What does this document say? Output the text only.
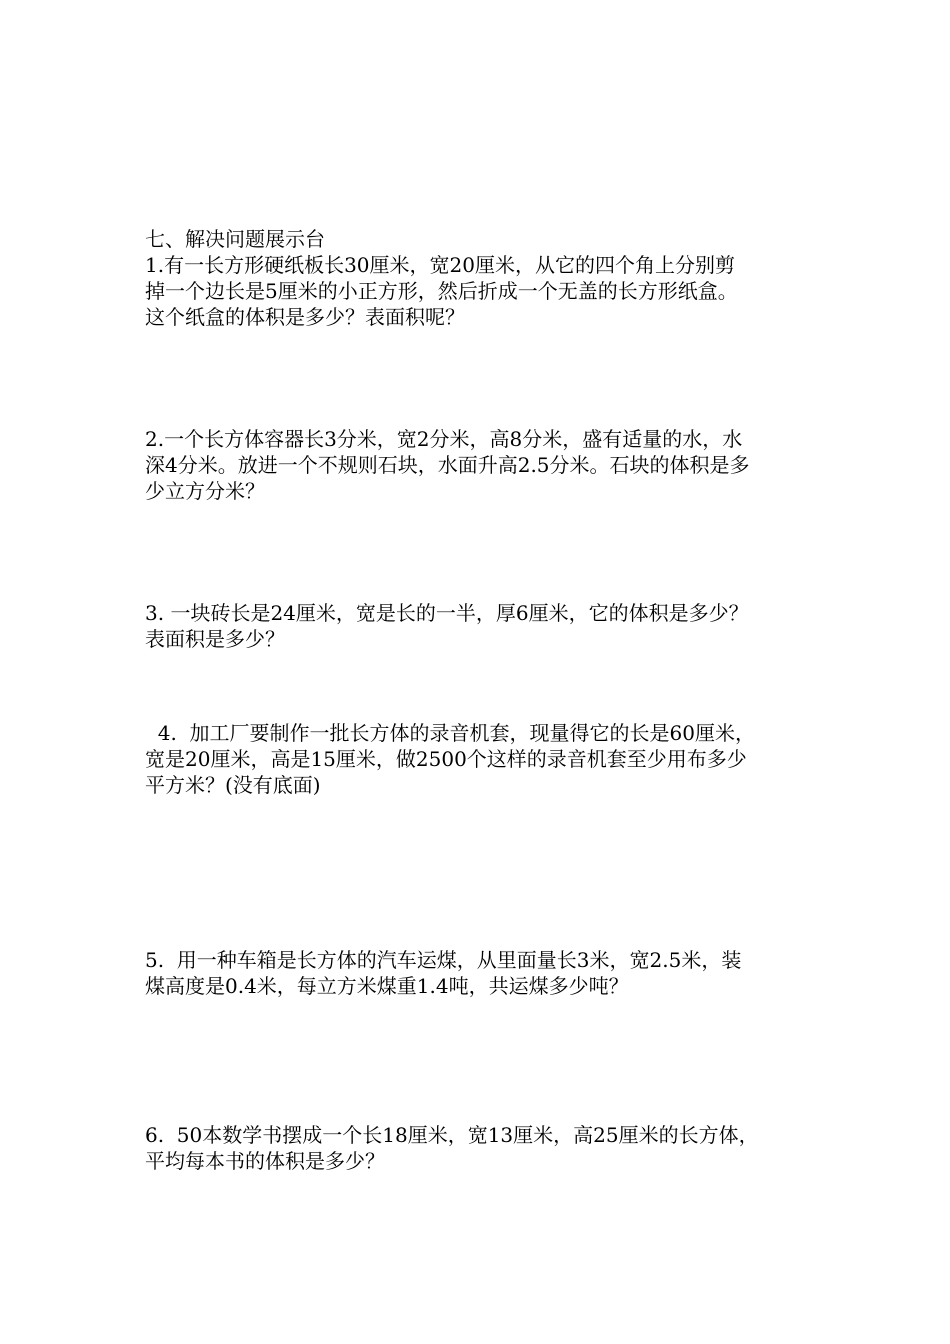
七、解决问题展示台
1.有一长方形硬纸板长30厘米，宽20厘米，从它的四个角上分别剪
掉一个边长是5厘米的小正方形，然后折成一个无盖的长方形纸盒。
这个纸盒的体积是多少？表面积呢？
2.一个长方体容器长3分米，宽2分米，高8分米，盛有适量的水，水
深4分米。放进一个不规则石块，水面升高2.5分米。石块的体积是多
少立方分米？
3. 一块砖长是24厘米，宽是长的一半，厚6厘米，它的体积是多少？
表面积是多少？
4.  加工厂要制作一批长方体的录音机套，现量得它的长是60厘米，
宽是20厘米，高是15厘米，做2500个这样的录音机套至少用布多少
平方米？(没有底面)
5.  用一种车箱是长方体的汽车运煤，从里面量长3米，宽2.5米，装
煤高度是0.4米，每立方米煤重1.4吨，共运煤多少吨？
6.  50本数学书摆成一个长18厘米，宽13厘米，高25厘米的长方体，
平均每本书的体积是多少？
